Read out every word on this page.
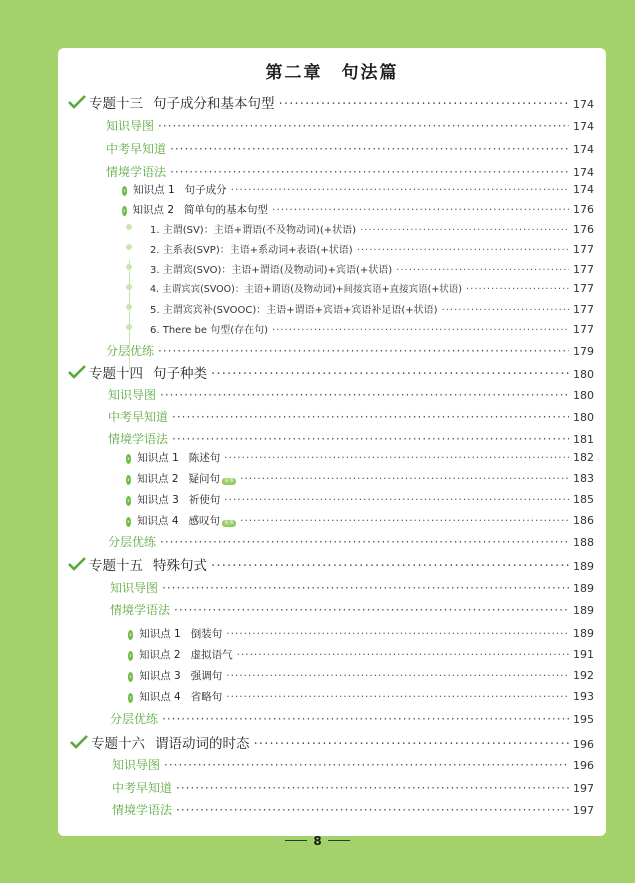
第二章　句法篇
专题十三 句子成分和基本句型 ·····	174
知识导图 ·····	174
中考早知道 ·····	174
情境学语法 ·····	174
› 知识点 1 句子成分 ·····	174
› 知识点 2 简单句的基本句型 ·····	176
1. 主谓(SV)：主语+谓语(不及物动词)(+状语) ·····	176
2. 主系表(SVP)：主语+系动词+表语(+状语) ·····	177
3. 主谓宾(SVO)：主语+谓语(及物动词)+宾语(+状语) ·····	177
4. 主谓宾宾(SVOO)：主语+谓语(及物动词)+间接宾语+直接宾语(+状语) ·····	177
5. 主谓宾宾补(SVOOC)：主语+谓语+宾语+宾语补足语(+状语) ·····	177
6. There be 句型(存在句) ·····	177
分层优练 ·····	179
专题十四 句子种类 ·····	180
知识导图 ·····	180
中考早知道 ·····	180
情境学语法 ·····	181
› 知识点 1 陈述句 ·····	182
› 知识点 2 疑问句 重难 ·····	183
› 知识点 3 祈使句 ·····	185
› 知识点 4 感叹句 重难 ·····	186
分层优练 ·····	188
专题十五 特殊句式 ·····	189
知识导图 ·····	189
情境学语法 ·····	189
› 知识点 1 倒装句 ·····	189
› 知识点 2 虚拟语气 ·····	191
› 知识点 3 强调句 ·····	192
› 知识点 4 省略句 ·····	193
分层优练 ·····	195
专题十六 谓语动词的时态 ·····	196
知识导图 ·····	196
中考早知道 ·····	197
情境学语法 ·····	197
8
